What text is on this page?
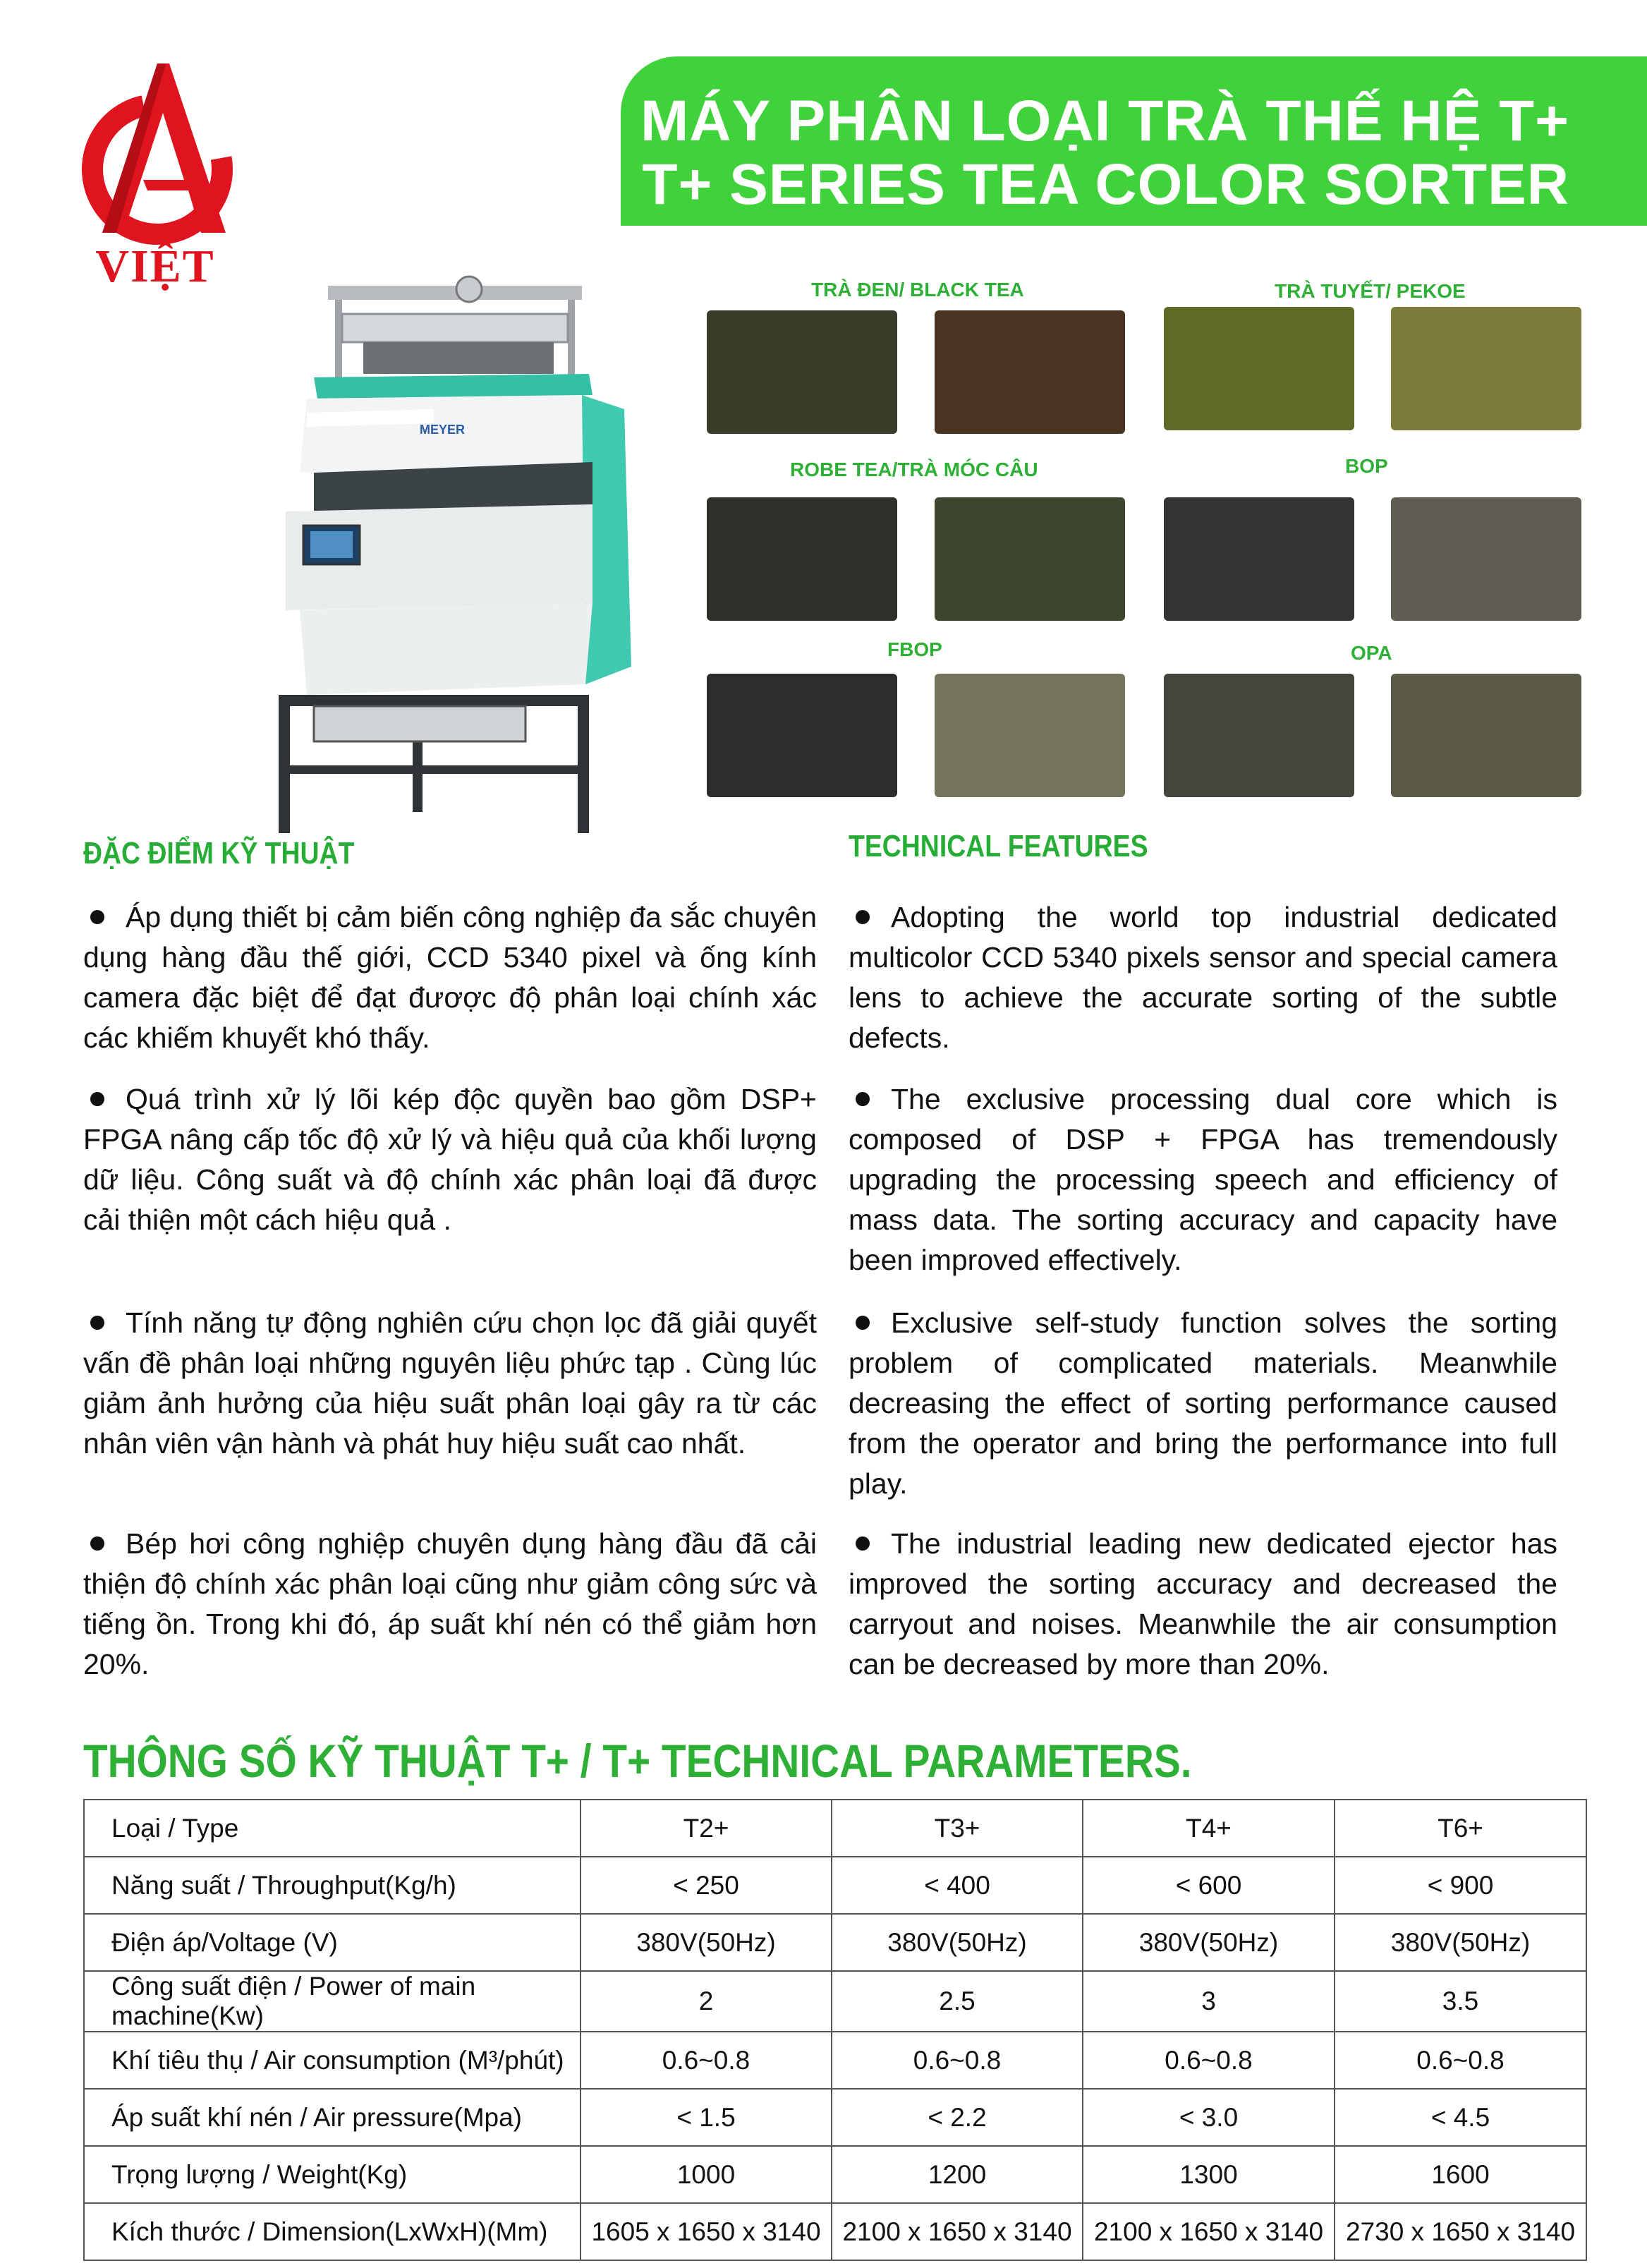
VIỆT
MÁY PHÂN LOẠI TRÀ THẾ HỆ T+
T+ SERIES TEA COLOR SORTER
MEYER
TRÀ ĐEN/ BLACK TEA	TRÀ TUYẾT/ PEKOE
ROBE TEA/TRÀ MÓC CÂU	BOP
FBOP	OPA
ĐẶC ĐIỂM KỸ THUẬT	TECHNICAL FEATURES
Áp dụng thiết bị cảm biến công nghiệp đa sắc chuyên dụng hàng đầu thế giới, CCD 5340 pixel và ống kính camera đặc biệt để đạt đươợc độ phân loại chính xác các khiếm khuyết khó thấy.
Quá trình xử lý lõi kép độc quyền bao gồm DSP+ FPGA nâng cấp tốc độ xử lý và hiệu quả của khối lượng dữ liệu. Công suất và độ chính xác phân loại đã được cải thiện một cách hiệu quả .
Tính năng tự động nghiên cứu chọn lọc đã giải quyết vấn đề phân loại những nguyên liệu phức tạp . Cùng lúc giảm ảnh hưởng của hiệu suất phân loại gây ra từ các nhân viên vận hành và phát huy hiệu suất cao nhất.
Bép hơi công nghiệp chuyên dụng hàng đầu đã cải thiện độ chính xác phân loại cũng như giảm công sức và tiếng ồn. Trong khi đó, áp suất khí nén có thể giảm hơn 20%.
Adopting the world top industrial dedicated multicolor CCD 5340 pixels sensor and special camera lens to achieve the accurate sorting of the subtle defects.
The exclusive processing dual core which is composed of DSP + FPGA has tremendously upgrading the processing speech and efficiency of mass data. The sorting accuracy and capacity have been improved effectively.
Exclusive self-study function solves the sorting problem of complicated materials. Meanwhile decreasing the effect of sorting performance caused from the operator and bring the performance into full play.
The industrial leading new dedicated ejector has improved the sorting accuracy and decreased the carryout and noises. Meanwhile the air consumption can be decreased by more than 20%.
THÔNG SỐ KỸ THUẬT T+ / T+ TECHNICAL PARAMETERS.
Loại / Type	T2+	T3+	T4+	T6+
Năng suất / Throughput(Kg/h)	< 250	< 400	< 600	< 900
Điện áp/Voltage (V)	380V(50Hz)	380V(50Hz)	380V(50Hz)	380V(50Hz)
Công suất điện / Power of main machine(Kw)	2	2.5	3	3.5
Khí tiêu thụ / Air consumption (M³/phút)	0.6~0.8	0.6~0.8	0.6~0.8	0.6~0.8
Áp suất khí nén / Air pressure(Mpa)	< 1.5	< 2.2	< 3.0	< 4.5
Trọng lượng / Weight(Kg)	1000	1200	1300	1600
Kích thước / Dimension(LxWxH)(Mm)	1605 x 1650 x 3140	2100 x 1650 x 3140	2100 x 1650 x 3140	2730 x 1650 x 3140
